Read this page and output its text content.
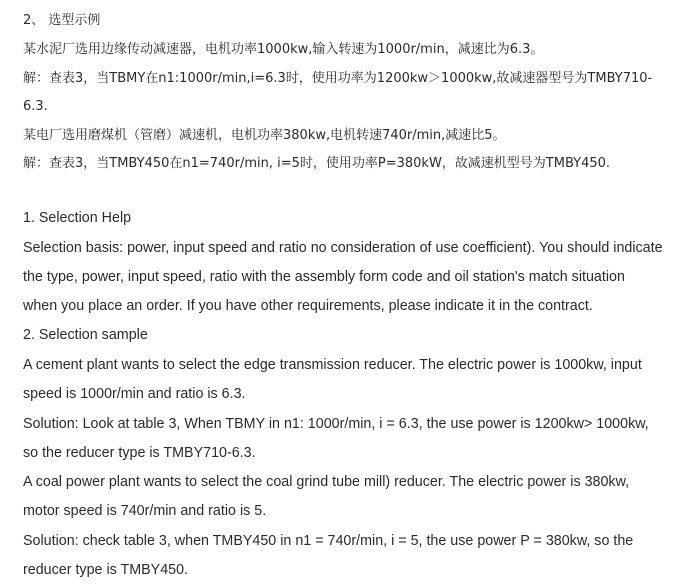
2、 选型示例
某水泥厂选用边缘传动减速器，电机功率1000kw,输入转速为1000r/min，减速比为6.3。
解：查表3，当TBMY在n1:1000r/min,i=6.3时，使用功率为1200kw＞1000kw,故减速器型号为TMBY710-
6.3.
某电厂选用磨煤机（管磨）减速机，电机功率380kw,电机转速740r/min,减速比5。
解：查表3，当TMBY450在n1=740r/min, i=5时，使用功率P=380kW，故减速机型号为TMBY450.
1. Selection Help
Selection basis: power, input speed and ratio no consideration of use coefficient). You should indicate
the type, power, input speed, ratio with the assembly form code and oil station's match situation
when you place an order. If you have other requirements, please indicate it in the contract.
2. Selection sample
A cement plant wants to select the edge transmission reducer. The electric power is 1000kw, input
speed is 1000r/min and ratio is 6.3.
Solution: Look at table 3, When TBMY in n1: 1000r/min, i = 6.3, the use power is 1200kw> 1000kw,
so the reducer type is TMBY710-6.3.
A coal power plant wants to select the coal grind tube mill) reducer. The electric power is 380kw,
motor speed is 740r/min and ratio is 5.
Solution: check table 3, when TMBY450 in n1 = 740r/min, i = 5, the use power P = 380kw, so the
reducer type is TMBY450.
